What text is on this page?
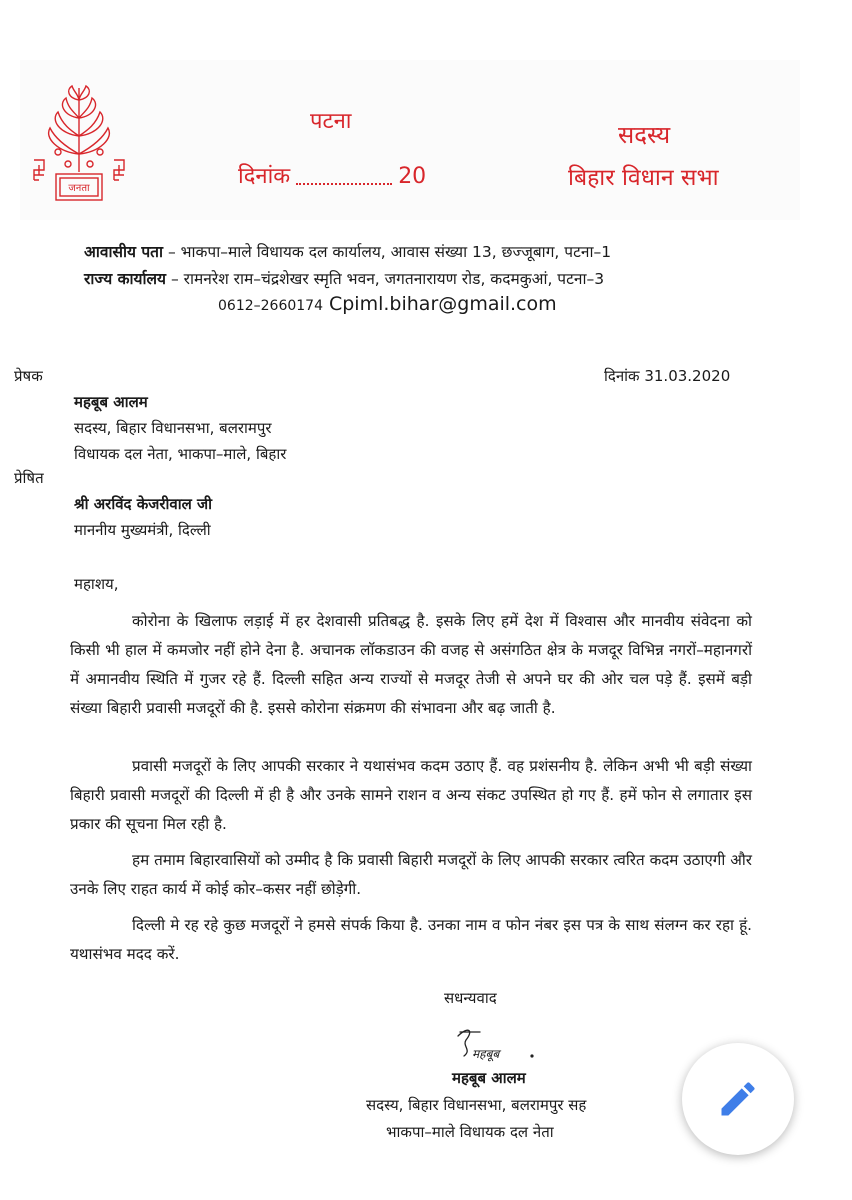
जनता
पटना
दिनांक	20
सदस्य
बिहार विधान सभा
आवासीय पता – भाकपा–माले विधायक दल कार्यालय, आवास संख्या 13, छज्जूबाग, पटना–1
राज्य कार्यालय – रामनरेश राम–चंद्रशेखर स्मृति भवन, जगतनारायण रोड, कदमकुआं, पटना–3
0612–2660174 Cpiml.bihar@gmail.com
प्रेषक	दिनांक 31.03.2020
महबूब आलम
सदस्य, बिहार विधानसभा, बलरामपुर
विधायक दल नेता, भाकपा–माले, बिहार
प्रेषित
श्री अरविंद केजरीवाल जी
माननीय मुख्यमंत्री, दिल्ली
महाशय,
कोरोना के खिलाफ लड़ाई में हर देशवासी प्रतिबद्ध है. इसके लिए हमें देश में विश्वास और मानवीय संवेदना को किसी भी हाल में कमजोर नहीं होने देना है. अचानक लॉकडाउन की वजह से असंगठित क्षेत्र के मजदूर विभिन्न नगरों–महानगरों में अमानवीय स्थिति में गुजर रहे हैं. दिल्ली सहित अन्य राज्यों से मजदूर तेजी से अपने घर की ओर चल पड़े हैं. इसमें बड़ी संख्या बिहारी प्रवासी मजदूरों की है. इससे कोरोना संक्रमण की संभावना और बढ़ जाती है.
प्रवासी मजदूरों के लिए आपकी सरकार ने यथासंभव कदम उठाए हैं. वह प्रशंसनीय है. लेकिन अभी भी बड़ी संख्या बिहारी प्रवासी मजदूरों की दिल्ली में ही है और उनके सामने राशन व अन्य संकट उपस्थित हो गए हैं. हमें फोन से लगातार इस प्रकार की सूचना मिल रही है.
हम तमाम बिहारवासियों को उम्मीद है कि प्रवासी बिहारी मजदूरों के लिए आपकी सरकार त्वरित कदम उठाएगी और उनके लिए राहत कार्य में कोई कोर–कसर नहीं छोड़ेगी.
दिल्ली मे रह रहे कुछ मजदूरों ने हमसे संपर्क किया है. उनका नाम व फोन नंबर इस पत्र के साथ संलग्न कर रहा हूं. यथासंभव मदद करें.
सधन्यवाद
महबूब
महबूब आलम
सदस्य, बिहार विधानसभा, बलरामपुर सह
भाकपा–माले विधायक दल नेता
